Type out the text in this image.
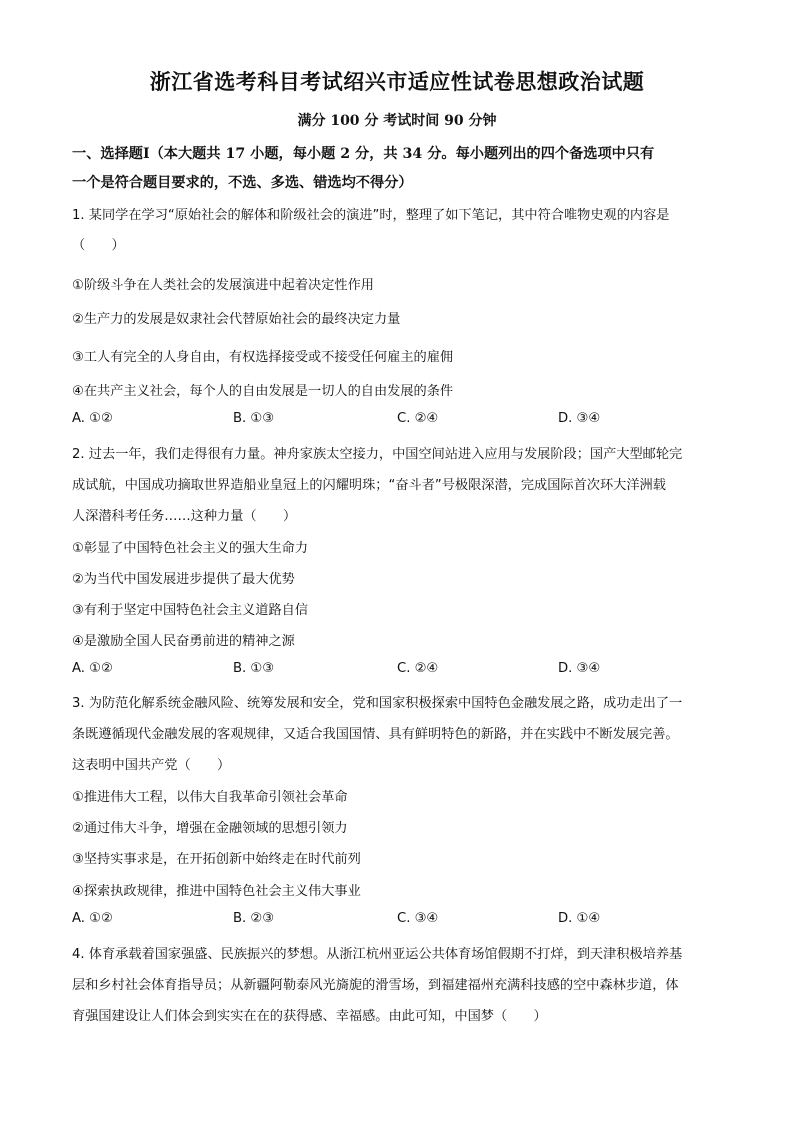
浙江省选考科目考试绍兴市适应性试卷思想政治试题
满分 100 分 考试时间 90 分钟
一、选择题Ⅰ（本大题共 17 小题，每小题 2 分，共 34 分。每小题列出的四个备选项中只有
一个是符合题目要求的，不选、多选、错选均不得分）
1. 某同学在学习“原始社会的解体和阶级社会的演进”时，整理了如下笔记，其中符合唯物史观的内容是
（　　）
①阶级斗争在人类社会的发展演进中起着决定性作用
②生产力的发展是奴隶社会代替原始社会的最终决定力量
③工人有完全的人身自由，有权选择接受或不接受任何雇主的雇佣
④在共产主义社会，每个人的自由发展是一切人的自由发展的条件
A. ①②	B. ①③	C. ②④	D. ③④
2. 过去一年，我们走得很有力量。神舟家族太空接力，中国空间站进入应用与发展阶段；国产大型邮轮完
成试航，中国成功摘取世界造船业皇冠上的闪耀明珠；“奋斗者”号极限深潜，完成国际首次环大洋洲载
人深潜科考任务……这种力量（　　）
①彰显了中国特色社会主义的强大生命力
②为当代中国发展进步提供了最大优势
③有利于坚定中国特色社会主义道路自信
④是激励全国人民奋勇前进的精神之源
A. ①②	B. ①③	C. ②④	D. ③④
3. 为防范化解系统金融风险、统筹发展和安全，党和国家积极探索中国特色金融发展之路，成功走出了一
条既遵循现代金融发展的客观规律，又适合我国国情、具有鲜明特色的新路，并在实践中不断发展完善。
这表明中国共产党（　　）
①推进伟大工程，以伟大自我革命引领社会革命
②通过伟大斗争，增强在金融领域的思想引领力
③坚持实事求是，在开拓创新中始终走在时代前列
④探索执政规律，推进中国特色社会主义伟大事业
A. ①②	B. ②③	C. ③④	D. ①④
4. 体育承载着国家强盛、民族振兴的梦想。从浙江杭州亚运公共体育场馆假期不打烊，到天津积极培养基
层和乡村社会体育指导员；从新疆阿勒泰风光旖旎的滑雪场，到福建福州充满科技感的空中森林步道，体
育强国建设让人们体会到实实在在的获得感、幸福感。由此可知，中国梦（　　）
